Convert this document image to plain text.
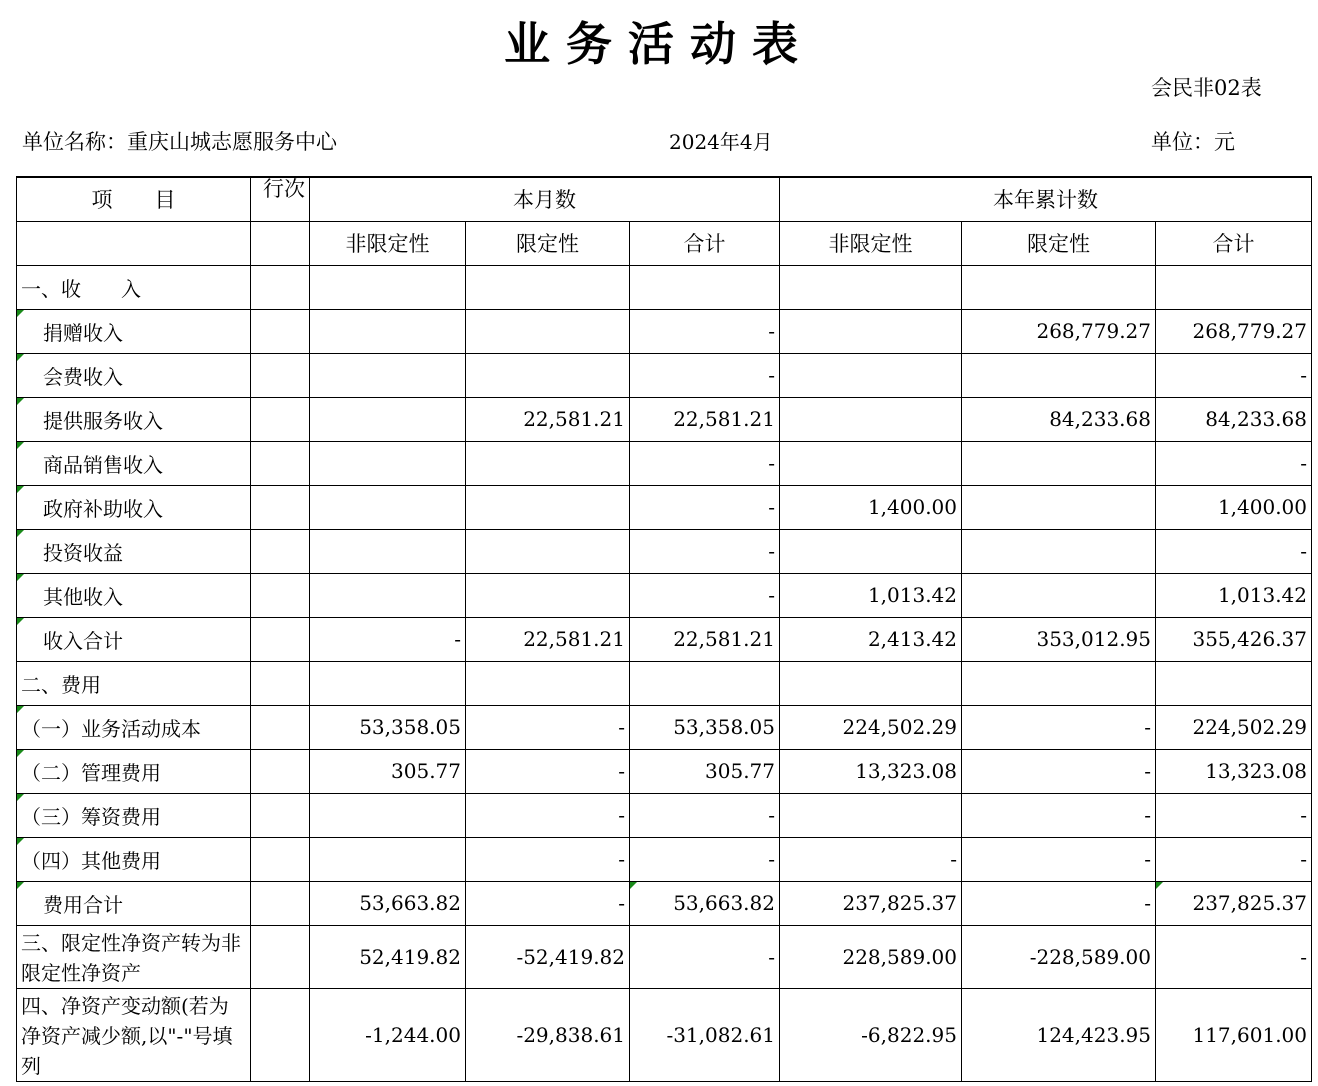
业务活动表
会民非02表
单位名称：重庆山城志愿服务中心	2024年4月	单位：元
项　　目	行次	本月数			本年累计数		
		非限定性	限定性	合计	非限定性	限定性	合计
一、收　　入							
捐赠收入				-		268,779.27	268,779.27
会费收入				-			-
提供服务收入			22,581.21	22,581.21		84,233.68	84,233.68
商品销售收入				-			-
政府补助收入				-	1,400.00		1,400.00
投资收益				-			-
其他收入				-	1,013.42		1,013.42
收入合计		-	22,581.21	22,581.21	2,413.42	353,012.95	355,426.37
二、费用							
（一）业务活动成本		53,358.05	-	53,358.05	224,502.29	-	224,502.29
（二）管理费用		305.77	-	305.77	13,323.08	-	13,323.08
（三）筹资费用			-	-		-	-
（四）其他费用			-	-	-	-	-
费用合计		53,663.82	-	53,663.82	237,825.37	-	237,825.37
三、限定性净资产转为非限定性净资产		52,419.82	-52,419.82	-	228,589.00	-228,589.00	-
四、净资产变动额(若为净资产减少额,以"-"号填列		-1,244.00	-29,838.61	-31,082.61	-6,822.95	124,423.95	117,601.00
